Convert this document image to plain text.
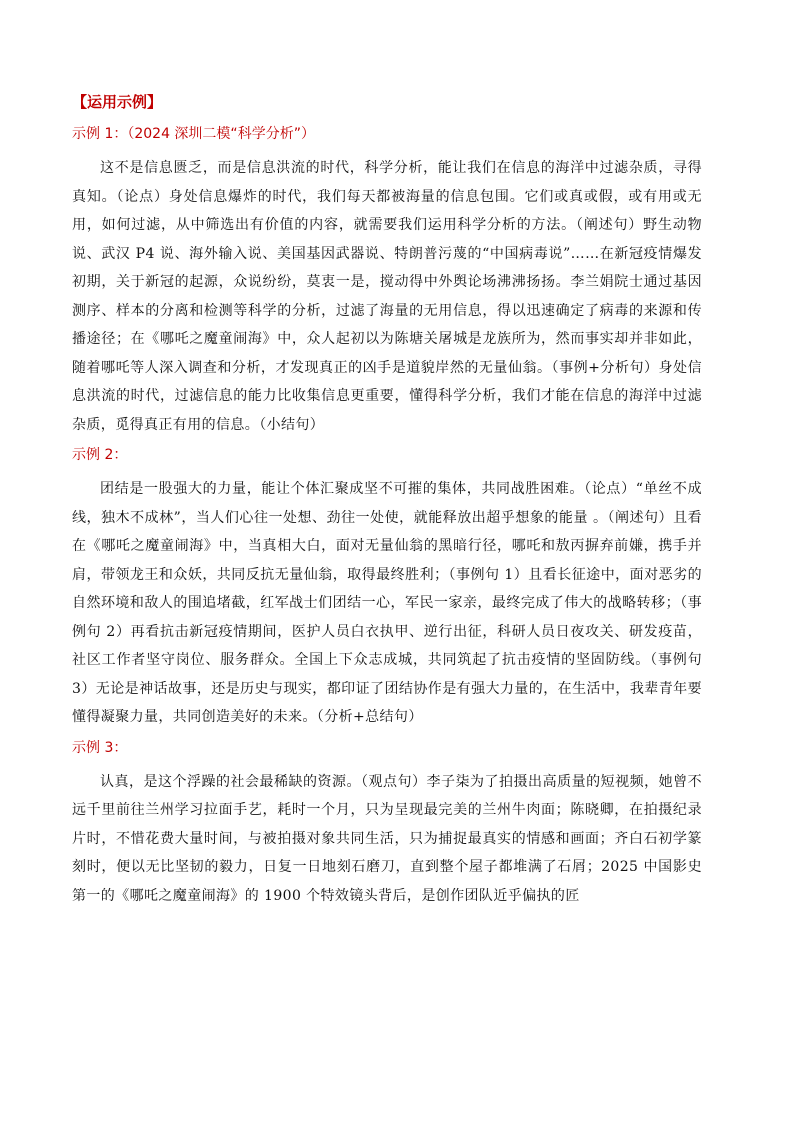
【运用示例】
示例 1：（2024 深圳二模“科学分析”）

这不是信息匮乏，而是信息洪流的时代，科学分析，能让我们在信息的海洋中过滤杂质，寻得真知。（论点）身处信息爆炸的时代，我们每天都被海量的信息包围。它们或真或假，或有用或无用，如何过滤，从中筛选出有价值的内容，就需要我们运用科学分析的方法。（阐述句）野生动物说、武汉 P4 说、海外输入说、美国基因武器说、特朗普污蔑的“中国病毒说”……在新冠疫情爆发初期，关于新冠的起源，众说纷纷，莫衷一是，搅动得中外舆论场沸沸扬扬。李兰娟院士通过基因测序、样本的分离和检测等科学的分析，过滤了海量的无用信息，得以迅速确定了病毒的来源和传播途径；在《哪吒之魔童闹海》中，众人起初以为陈塘关屠城是龙族所为，然而事实却并非如此，随着哪吒等人深入调查和分析，才发现真正的凶手是道貌岸然的无量仙翁。（事例+分析句）身处信息洪流的时代，过滤信息的能力比收集信息更重要，懂得科学分析，我们才能在信息的海洋中过滤杂质，觅得真正有用的信息。（小结句）

示例 2：

团结是一股强大的力量，能让个体汇聚成坚不可摧的集体，共同战胜困难。（论点）“单丝不成线，独木不成林”，当人们心往一处想、劲往一处使，就能释放出超乎想象的能量 。（阐述句）且看在《哪吒之魔童闹海》中，当真相大白，面对无量仙翁的黑暗行径，哪吒和敖丙摒弃前嫌，携手并肩，带领龙王和众妖，共同反抗无量仙翁，取得最终胜利；（事例句 1）且看长征途中，面对恶劣的自然环境和敌人的围追堵截，红军战士们团结一心，军民一家亲，最终完成了伟大的战略转移；（事例句 2）再看抗击新冠疫情期间，医护人员白衣执甲、逆行出征，科研人员日夜攻关、研发疫苗，社区工作者坚守岗位、服务群众。全国上下众志成城，共同筑起了抗击疫情的坚固防线。（事例句 3）无论是神话故事，还是历史与现实，都印证了团结协作是有强大力量的，在生活中，我辈青年要懂得凝聚力量，共同创造美好的未来。（分析+总结句）

示例 3：

认真，是这个浮躁的社会最稀缺的资源。（观点句）李子柒为了拍摄出高质量的短视频，她曾不远千里前往兰州学习拉面手艺，耗时一个月，只为呈现最完美的兰州牛肉面；陈晓卿，在拍摄纪录片时，不惜花费大量时间，与被拍摄对象共同生活，只为捕捉最真实的情感和画面；齐白石初学篆刻时，便以无比坚韧的毅力，日复一日地刻石磨刀，直到整个屋子都堆满了石屑；2025 中国影史第一的《哪吒之魔童闹海》的 1900 个特效镜头背后，是创作团队近乎偏执的匠
